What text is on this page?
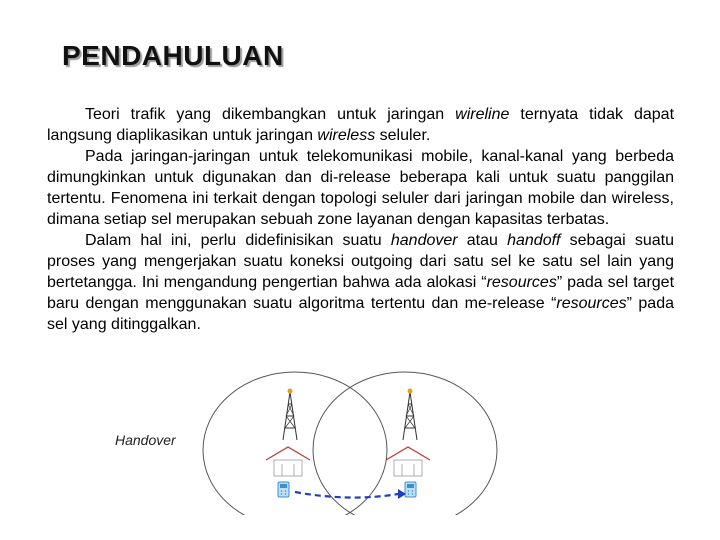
PENDAHULUAN

Teori trafik yang dikembangkan untuk jaringan wireline ternyata tidak dapat langsung diaplikasikan untuk jaringan wireless seluler.

Pada jaringan-jaringan untuk telekomunikasi mobile, kanal-kanal yang berbeda dimungkinkan untuk digunakan dan di-release beberapa kali untuk suatu panggilan tertentu. Fenomena ini terkait dengan topologi seluler dari jaringan mobile dan wireless, dimana setiap sel merupakan sebuah zone layanan dengan kapasitas terbatas.

Dalam hal ini, perlu didefinisikan suatu handover atau handoff sebagai suatu proses yang mengerjakan suatu koneksi outgoing dari satu sel ke satu sel lain yang bertetangga. Ini mengandung pengertian bahwa ada alokasi “resources” pada sel target baru dengan menggunakan suatu algoritma tertentu dan me-release “resources” pada sel yang ditinggalkan.

Handover
